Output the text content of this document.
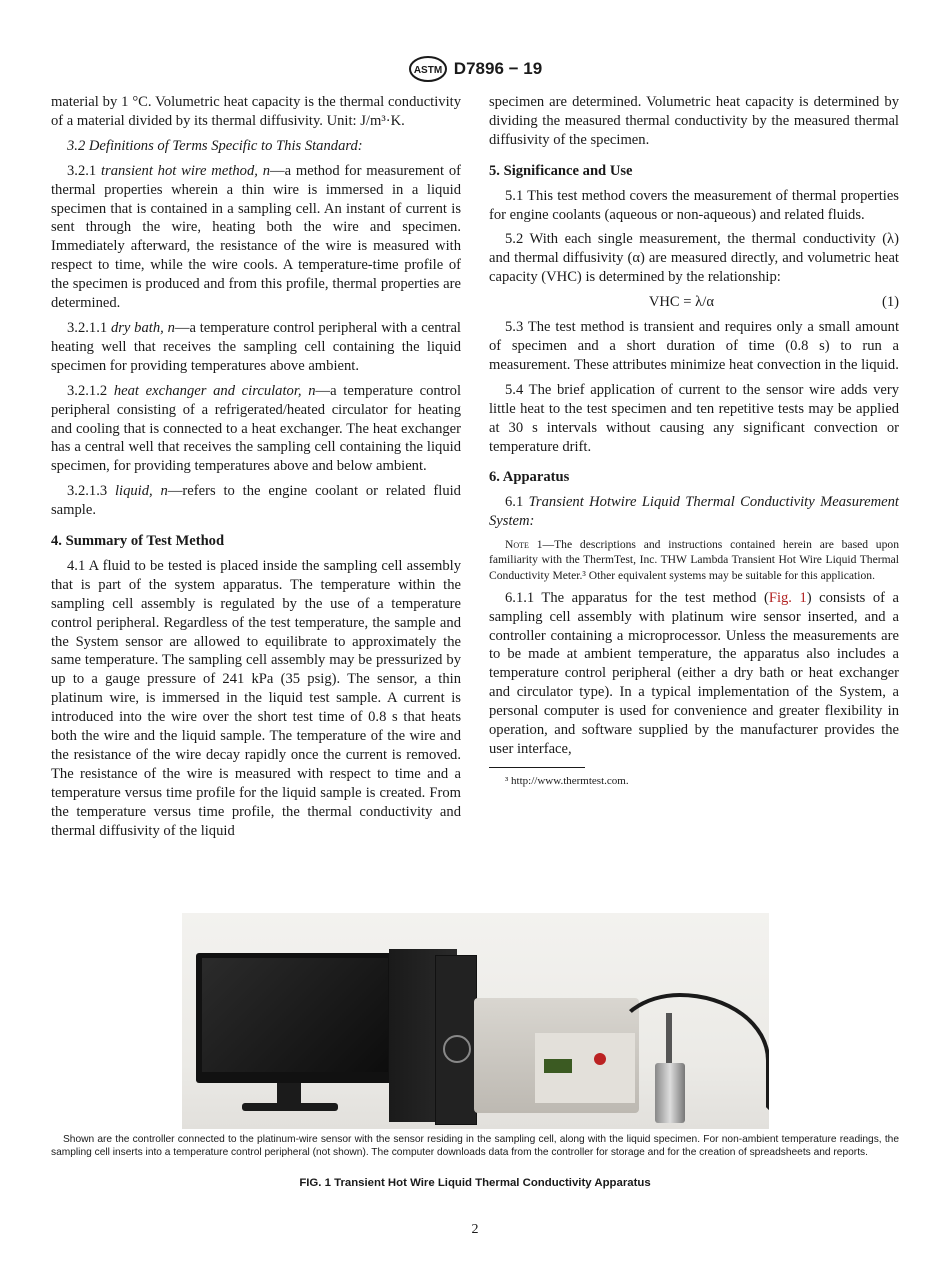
ASTM D7896 − 19

material by 1 °C. Volumetric heat capacity is the thermal conductivity of a material divided by its thermal diffusivity. Unit: J/m³·K.

3.2 Definitions of Terms Specific to This Standard:

3.2.1 transient hot wire method, n—a method for measurement of thermal properties wherein a thin wire is immersed in a liquid specimen that is contained in a sampling cell. An instant of current is sent through the wire, heating both the wire and specimen. Immediately afterward, the resistance of the wire is measured with respect to time, while the wire cools. A temperature-time profile of the specimen is produced and from this profile, thermal properties are determined.

3.2.1.1 dry bath, n—a temperature control peripheral with a central heating well that receives the sampling cell containing the liquid specimen for providing temperatures above ambient.

3.2.1.2 heat exchanger and circulator, n—a temperature control peripheral consisting of a refrigerated/heated circulator for heating and cooling that is connected to a heat exchanger. The heat exchanger has a central well that receives the sampling cell containing the liquid specimen, for providing temperatures above and below ambient.

3.2.1.3 liquid, n—refers to the engine coolant or related fluid sample.

4. Summary of Test Method

4.1 A fluid to be tested is placed inside the sampling cell assembly that is part of the system apparatus. The temperature within the sampling cell assembly is regulated by the use of a temperature control peripheral. Regardless of the test temperature, the sample and the System sensor are allowed to equilibrate to approximately the same temperature. The sampling cell assembly may be pressurized by up to a gauge pressure of 241 kPa (35 psig). The sensor, a thin platinum wire, is immersed in the liquid test sample. A current is introduced into the wire over the short test time of 0.8 s that heats both the wire and the liquid sample. The temperature of the wire and the resistance of the wire decay rapidly once the current is removed. The resistance of the wire is measured with respect to time and a temperature versus time profile for the liquid sample is created. From the temperature versus time profile, the thermal conductivity and thermal diffusivity of the liquid

specimen are determined. Volumetric heat capacity is determined by dividing the measured thermal conductivity by the measured thermal diffusivity of the specimen.

5. Significance and Use

5.1 This test method covers the measurement of thermal properties for engine coolants (aqueous or non-aqueous) and related fluids.

5.2 With each single measurement, the thermal conductivity (λ) and thermal diffusivity (α) are measured directly, and volumetric heat capacity (VHC) is determined by the relationship:

VHC = λ/α	(1)

5.3 The test method is transient and requires only a small amount of specimen and a short duration of time (0.8 s) to run a measurement. These attributes minimize heat convection in the liquid.

5.4 The brief application of current to the sensor wire adds very little heat to the test specimen and ten repetitive tests may be applied at 30 s intervals without causing any significant convection or temperature drift.

6. Apparatus

6.1 Transient Hotwire Liquid Thermal Conductivity Measurement System:

Note 1—The descriptions and instructions contained herein are based upon familiarity with the ThermTest, Inc. THW Lambda Transient Hot Wire Liquid Thermal Conductivity Meter.³ Other equivalent systems may be suitable for this application.

6.1.1 The apparatus for the test method (Fig. 1) consists of a sampling cell assembly with platinum wire sensor inserted, and a controller containing a microprocessor. Unless the measurements are to be made at ambient temperature, the apparatus also includes a temperature control peripheral (either a dry bath or heat exchanger and circulator type). In a typical implementation of the System, a personal computer is used for convenience and greater flexibility in operation, and software supplied by the manufacturer provides the user interface,

³ http://www.thermtest.com.
Shown are the controller connected to the platinum-wire sensor with the sensor residing in the sampling cell, along with the liquid specimen. For non-ambient temperature readings, the sampling cell inserts into a temperature control peripheral (not shown). The computer downloads data from the controller for storage and for the creation of spreadsheets and reports.
FIG. 1 Transient Hot Wire Liquid Thermal Conductivity Apparatus
2
